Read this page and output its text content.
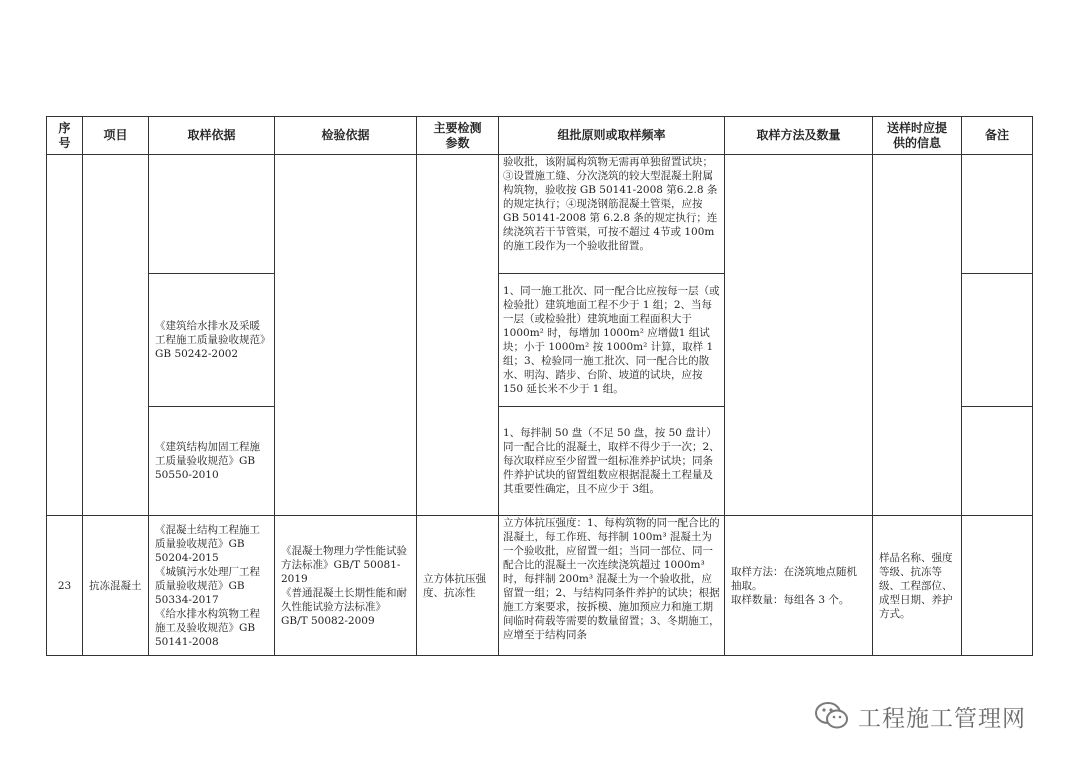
序
号	项目	取样依据	检验依据	主要检测
参数	组批原则或取样频率	取样方法及数量	送样时应提
供的信息	备注
					验收批，该附属构筑物无需再单独留置试块；③设置施工缝、分次浇筑的较大型混凝土附属构筑物，验收按 GB 50141-2008 第6.2.8 条的规定执行；④现浇钢筋混凝土管渠，应按 GB 50141-2008 第 6.2.8 条的规定执行；连续浇筑若干节管渠，可按不超过 4节或 100m 的施工段作为一个验收批留置。			
		《建筑给水排水及采暖工程施工质量验收规范》GB 50242-2002			1、同一施工批次、同一配合比应按每一层（或检验批）建筑地面工程不少于 1 组；2、当每一层（或检验批）建筑地面工程面积大于 1000m² 时，每增加 1000m² 应增做1 组试块；小于 1000m² 按 1000m² 计算，取样 1 组；3、检验同一施工批次、同一配合比的散水、明沟、踏步、台阶、坡道的试块，应按 150 延长米不少于 1 组。			
		《建筑结构加固工程施工质量验收规范》GB 50550-2010			1、每拌制 50 盘（不足 50 盘，按 50 盘计）同一配合比的混凝土，取样不得少于一次；2、每次取样应至少留置一组标准养护试块；同条件养护试块的留置组数应根据混凝土工程量及其重要性确定，且不应少于 3组。			
23	抗冻混凝土	《混凝土结构工程施工质量验收规范》GB 50204-2015
《城镇污水处理厂工程质量验收规范》GB 50334-2017
《给水排水构筑物工程施工及验收规范》GB 50141-2008	《混凝土物理力学性能试验方法标准》GB/T 50081-2019
《普通混凝土长期性能和耐久性能试验方法标准》GB/T 50082-2009	立方体抗压强度、抗冻性	立方体抗压强度：1、每构筑物的同一配合比的混凝土，每工作班、每拌制 100m³ 混凝土为一个验收批，应留置一组；当同一部位、同一配合比的混凝土一次连续浇筑超过 1000m³ 时，每拌制 200m³ 混凝土为一个验收批，应留置一组；2、与结构同条件养护的试块；根据施工方案要求，按拆模、施加预应力和施工期间临时荷载等需要的数量留置；3、冬期施工，应增至于结构同条	取样方法：在浇筑地点随机抽取。
取样数量：每组各 3 个。	样品名称、强度等级、抗冻等级、工程部位、成型日期、养护方式。	
工程施工管理网
